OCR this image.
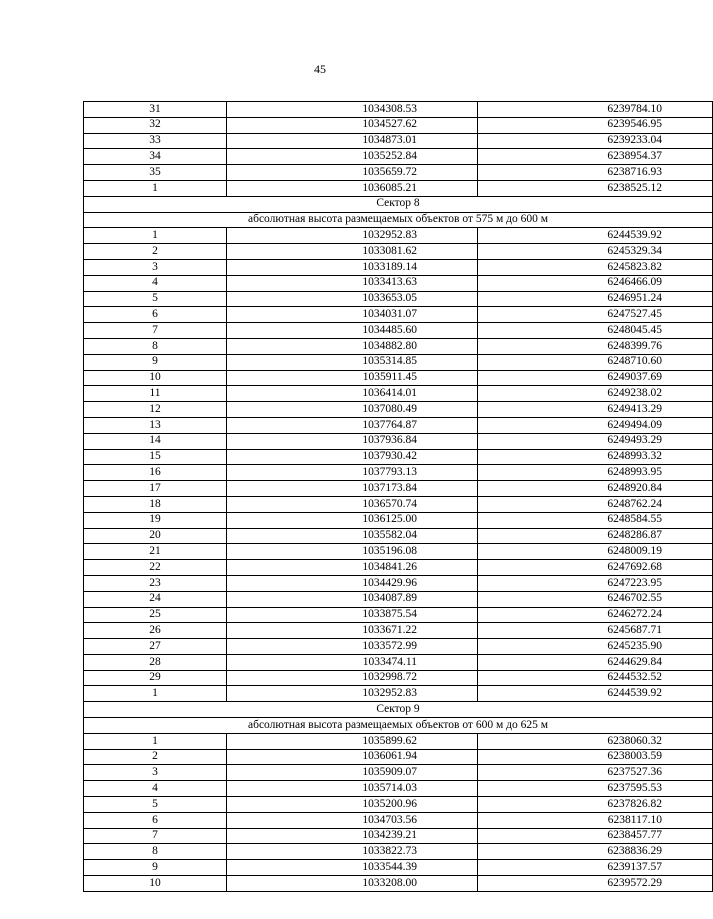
45
31	1034308.53	6239784.10
32	1034527.62	6239546.95
33	1034873.01	6239233.04
34	1035252.84	6238954.37
35	1035659.72	6238716.93
1	1036085.21	6238525.12
Сектор 8		
абсолютная высота размещаемых объектов от 575 м до 600 м		
1	1032952.83	6244539.92
2	1033081.62	6245329.34
3	1033189.14	6245823.82
4	1033413.63	6246466.09
5	1033653.05	6246951.24
6	1034031.07	6247527.45
7	1034485.60	6248045.45
8	1034882.80	6248399.76
9	1035314.85	6248710.60
10	1035911.45	6249037.69
11	1036414.01	6249238.02
12	1037080.49	6249413.29
13	1037764.87	6249494.09
14	1037936.84	6249493.29
15	1037930.42	6248993.32
16	1037793.13	6248993.95
17	1037173.84	6248920.84
18	1036570.74	6248762.24
19	1036125.00	6248584.55
20	1035582.04	6248286.87
21	1035196.08	6248009.19
22	1034841.26	6247692.68
23	1034429.96	6247223.95
24	1034087.89	6246702.55
25	1033875.54	6246272.24
26	1033671.22	6245687.71
27	1033572.99	6245235.90
28	1033474.11	6244629.84
29	1032998.72	6244532.52
1	1032952.83	6244539.92
Сектор 9		
абсолютная высота размещаемых объектов от 600 м до 625 м		
1	1035899.62	6238060.32
2	1036061.94	6238003.59
3	1035909.07	6237527.36
4	1035714.03	6237595.53
5	1035200.96	6237826.82
6	1034703.56	6238117.10
7	1034239.21	6238457.77
8	1033822.73	6238836.29
9	1033544.39	6239137.57
10	1033208.00	6239572.29
